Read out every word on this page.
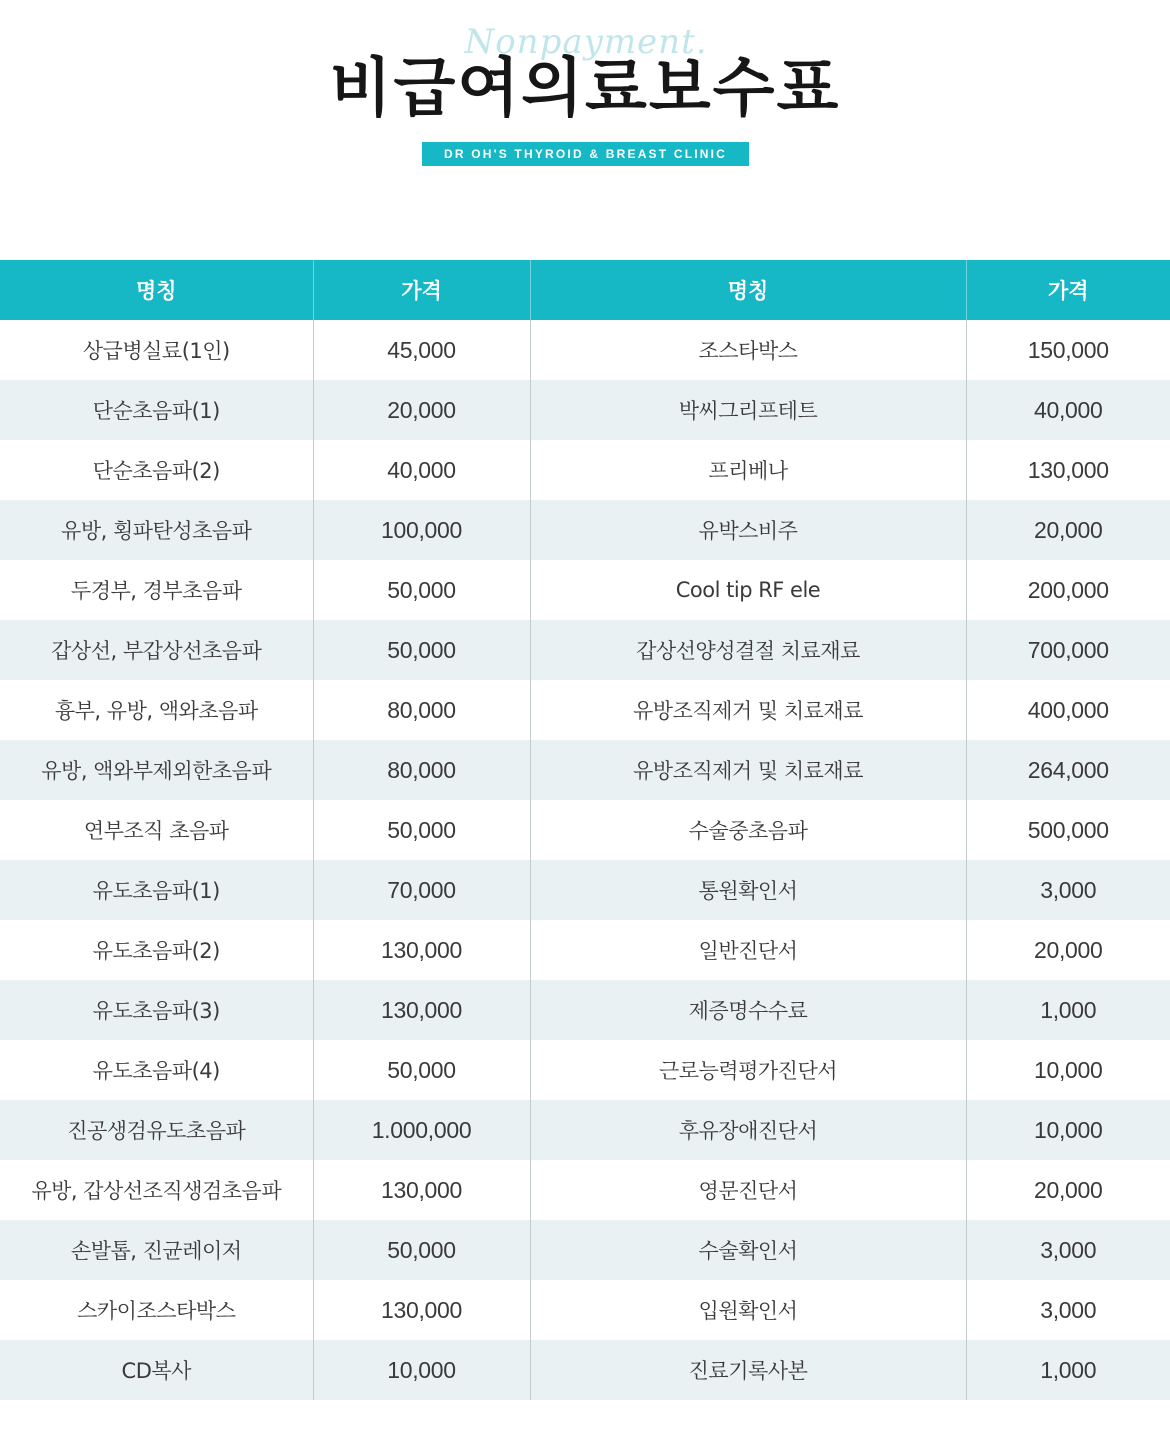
Nonpayment.
비급여의료보수표
DR OH'S THYROID & BREAST CLINIC
명칭	가격	명칭	가격
상급병실료(1인)	45,000	조스타박스	150,000
단순초음파(1)	20,000	박씨그리프테트	40,000
단순초음파(2)	40,000	프리베나	130,000
유방, 횡파탄성초음파	100,000	유박스비주	20,000
두경부, 경부초음파	50,000	Cool tip RF ele	200,000
갑상선, 부갑상선초음파	50,000	갑상선양성결절 치료재료	700,000
흉부, 유방, 액와초음파	80,000	유방조직제거 및 치료재료	400,000
유방, 액와부제외한초음파	80,000	유방조직제거 및 치료재료	264,000
연부조직 초음파	50,000	수술중초음파	500,000
유도초음파(1)	70,000	통원확인서	3,000
유도초음파(2)	130,000	일반진단서	20,000
유도초음파(3)	130,000	제증명수수료	1,000
유도초음파(4)	50,000	근로능력평가진단서	10,000
진공생검유도초음파	1.000,000	후유장애진단서	10,000
유방, 갑상선조직생검초음파	130,000	영문진단서	20,000
손발톱, 진균레이저	50,000	수술확인서	3,000
스카이조스타박스	130,000	입원확인서	3,000
CD복사	10,000	진료기록사본	1,000
